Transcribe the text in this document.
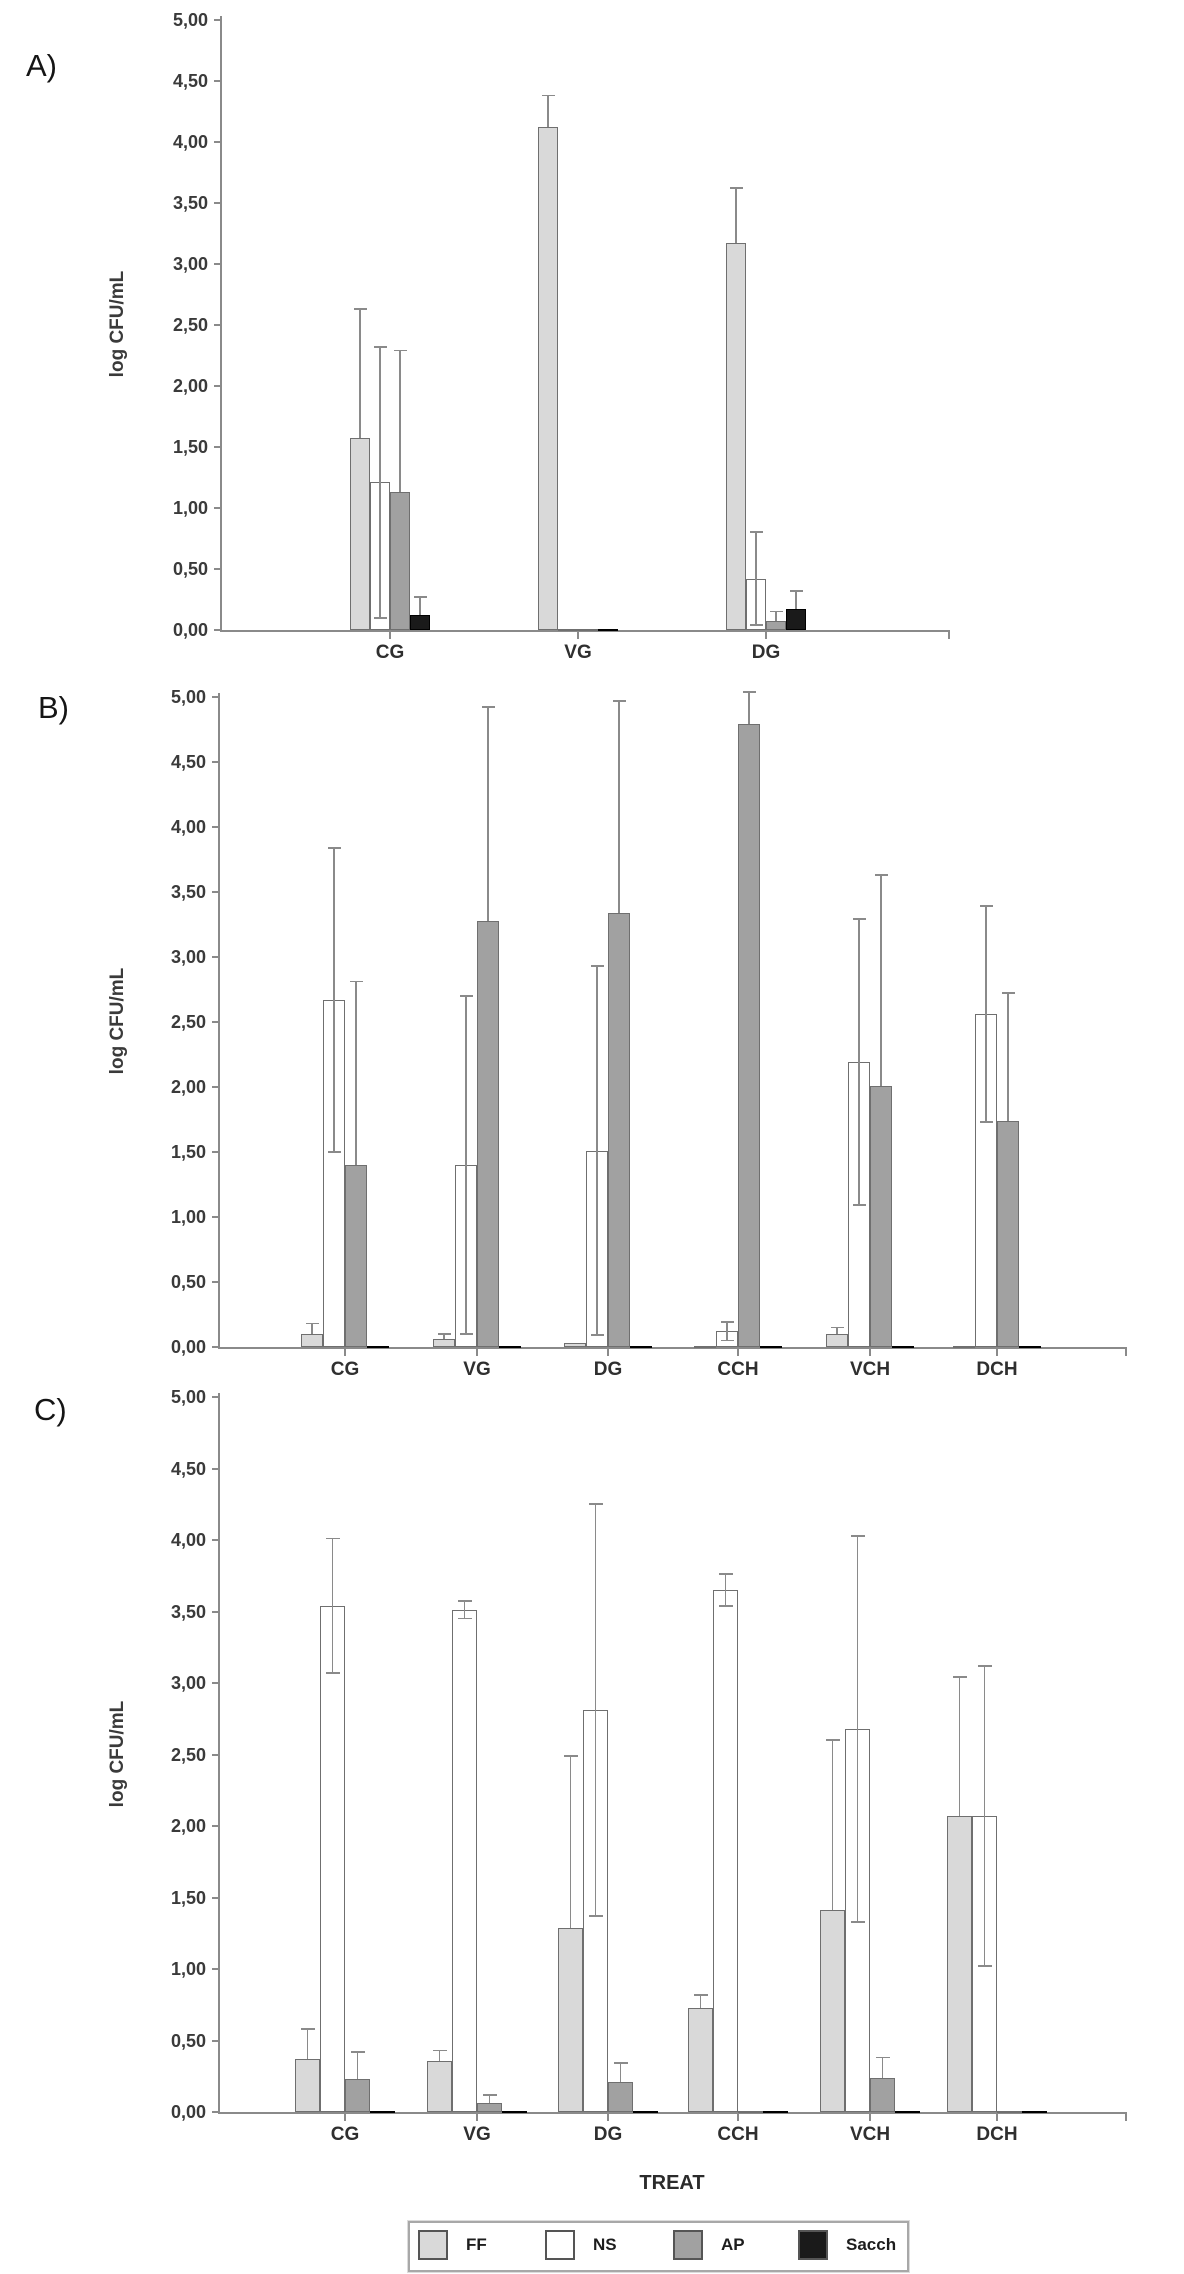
A)
log CFU/mL
0,00
0,50
1,00
1,50
2,00
2,50
3,00
3,50
4,00
4,50
5,00
CG	VG	DG
B)
log CFU/mL
0,00
0,50
1,00
1,50
2,00
2,50
3,00
3,50
4,00
4,50
5,00
CG	VG	DG	CCH	VCH	DCH
C)
log CFU/mL
0,00
0,50
1,00
1,50
2,00
2,50
3,00
3,50
4,00
4,50
5,00
CG	VG	DG	CCH	VCH	DCH
TREAT
FF	NS	AP	Sacch
